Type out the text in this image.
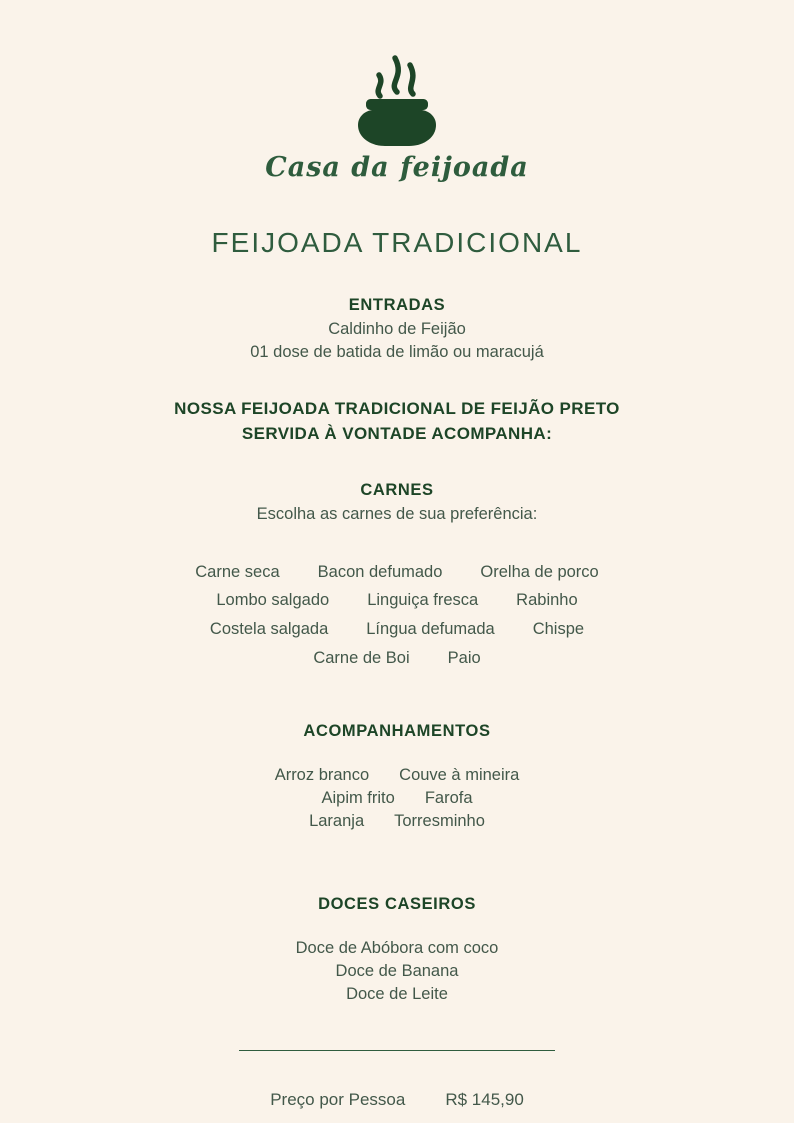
Casa da feijoada
FEIJOADA TRADICIONAL
ENTRADAS

Caldinho de Feijão

01 dose de batida de limão ou maracujá

NOSSA FEIJOADA TRADICIONAL DE FEIJÃO PRETO
SERVIDA À VONTADE ACOMPANHA:

CARNES

Escolha as carnes de sua preferência:

Carne seca Bacon defumado Orelha de porco
Lombo salgado Linguiça fresca Rabinho
Costela salgada Língua defumada Chispe
Carne de Boi Paio
ACOMPANHAMENTOS
Arroz branco Couve à mineira
Aipim frito Farofa
Laranja Torresminho
DOCES CASEIROS

Doce de Abóbora com coco

Doce de Banana

Doce de Leite

Preço por Pessoa R$ 145,90
